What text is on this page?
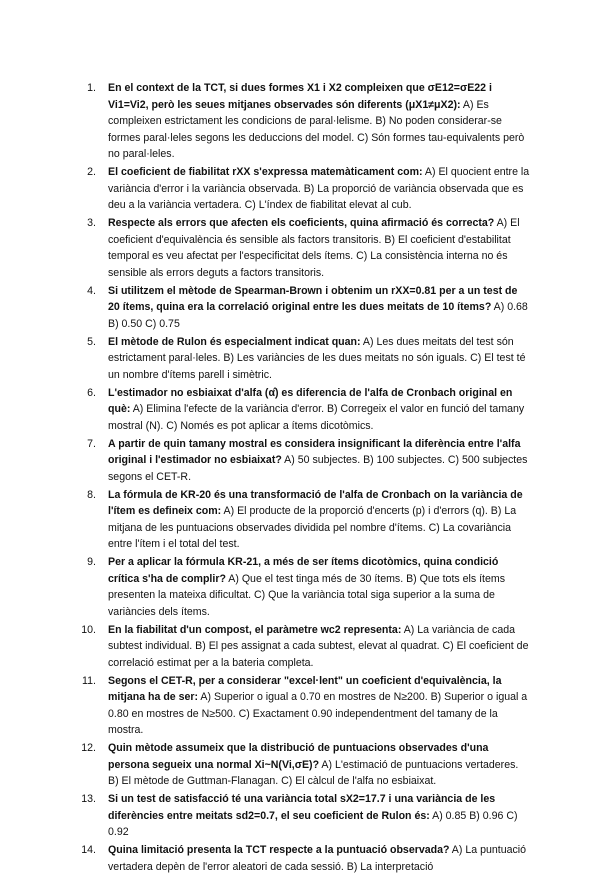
1. En el context de la TCT, si dues formes X1 i X2 compleixen que σE12=σE22 i Vi1=Vi2, però les seues mitjanes observades són diferents (μX1≠μX2): A) Es compleixen estrictament les condicions de paral·lelisme. B) No poden considerar-se formes paral·leles segons les deduccions del model. C) Són formes tau-equivalents però no paral·leles.
2. El coeficient de fiabilitat rXX s'expressa matemàticament com: A) El quocient entre la variància d'error i la variància observada. B) La proporció de variància observada que es deu a la variància vertadera. C) L'índex de fiabilitat elevat al cub.
3. Respecte als errors que afecten els coeficients, quina afirmació és correcta? A) El coeficient d'equivalència és sensible als factors transitoris. B) El coeficient d'estabilitat temporal es veu afectat per l'especificitat dels ítems. C) La consistència interna no és sensible als errors deguts a factors transitoris.
4. Si utilitzem el mètode de Spearman-Brown i obtenim un rXX=0.81 per a un test de 20 ítems, quina era la correlació original entre les dues meitats de 10 ítems? A) 0.68 B) 0.50 C) 0.75
5. El mètode de Rulon és especialment indicat quan: A) Les dues meitats del test són estrictament paral·leles. B) Les variàncies de les dues meitats no són iguals. C) El test té un nombre d'ítems parell i simètric.
6. L'estimador no esbiaixat d'alfa (α̂) es diferencia de l'alfa de Cronbach original en què: A) Elimina l'efecte de la variància d'error. B) Corregeix el valor en funció del tamany mostral (N). C) Només es pot aplicar a ítems dicotòmics.
7. A partir de quin tamany mostral es considera insignificant la diferència entre l'alfa original i l'estimador no esbiaixat? A) 50 subjectes. B) 100 subjectes. C) 500 subjectes segons el CET-R.
8. La fórmula de KR-20 és una transformació de l'alfa de Cronbach on la variància de l'ítem es defineix com: A) El producte de la proporció d'encerts (p) i d'errors (q). B) La mitjana de les puntuacions observades dividida pel nombre d'ítems. C) La covariància entre l'ítem i el total del test.
9. Per a aplicar la fórmula KR-21, a més de ser ítems dicotòmics, quina condició crítica s'ha de complir? A) Que el test tinga més de 30 ítems. B) Que tots els ítems presenten la mateixa dificultat. C) Que la variància total siga superior a la suma de variàncies dels ítems.
10. En la fiabilitat d'un compost, el paràmetre wc2 representa: A) La variància de cada subtest individual. B) El pes assignat a cada subtest, elevat al quadrat. C) El coeficient de correlació estimat per a la bateria completa.
11. Segons el CET-R, per a considerar "excel·lent" un coeficient d'equivalència, la mitjana ha de ser: A) Superior o igual a 0.70 en mostres de N≥200. B) Superior o igual a 0.80 en mostres de N≥500. C) Exactament 0.90 independentment del tamany de la mostra.
12. Quin mètode assumeix que la distribució de puntuacions observades d'una persona segueix una normal Xi~N(Vi,σE)? A) L'estimació de puntuacions vertaderes. B) El mètode de Guttman-Flanagan. C) El càlcul de l'alfa no esbiaixat.
13. Si un test de satisfacció té una variància total sX2=17.7 i una variància de les diferències entre meitats sd2=0.7, el seu coeficient de Rulon és: A) 0.85 B) 0.96 C) 0.92
14. Quina limitació presenta la TCT respecte a la puntuació observada? A) La puntuació vertadera depèn de l'error aleatori de cada sessió. B) La interpretació
